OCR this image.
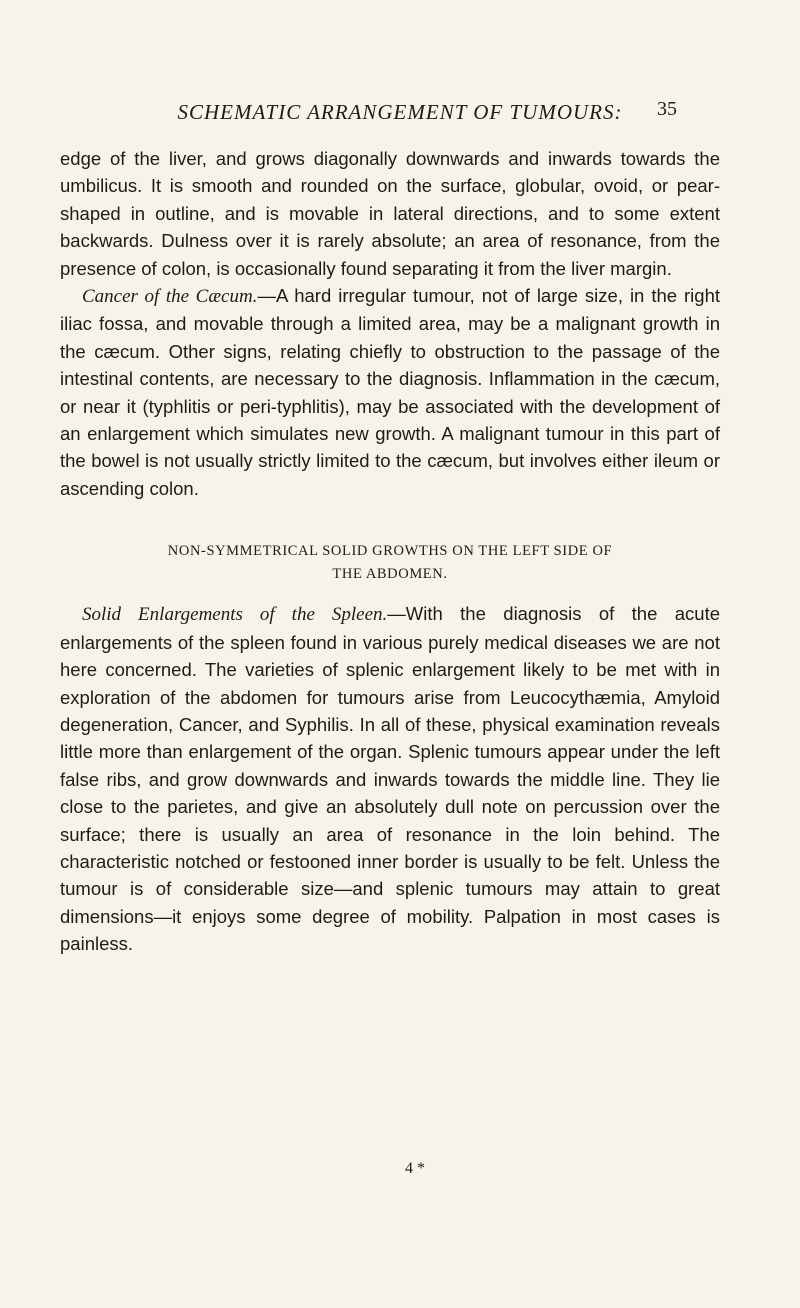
SCHEMATIC ARRANGEMENT OF TUMOURS:	35

edge of the liver, and grows diagonally downwards and inwards towards the umbilicus. It is smooth and rounded on the surface, globular, ovoid, or pear-shaped in outline, and is movable in lateral directions, and to some extent backwards. Dulness over it is rarely absolute; an area of resonance, from the presence of colon, is occasionally found separating it from the liver margin.

Cancer of the Cæcum.—A hard irregular tumour, not of large size, in the right iliac fossa, and movable through a limited area, may be a malignant growth in the cæcum. Other signs, relating chiefly to obstruction to the passage of the intestinal contents, are necessary to the diagnosis. Inflammation in the cæcum, or near it (typhlitis or peri-typhlitis), may be associated with the development of an enlargement which simulates new growth. A malignant tumour in this part of the bowel is not usually strictly limited to the cæcum, but involves either ileum or ascending colon.

NON-SYMMETRICAL SOLID GROWTHS ON THE LEFT SIDE OF
THE ABDOMEN.

Solid Enlargements of the Spleen.—With the diagnosis of the acute enlargements of the spleen found in various purely medical diseases we are not here concerned. The varieties of splenic enlargement likely to be met with in exploration of the abdomen for tumours arise from Leucocythæmia, Amyloid degeneration, Cancer, and Syphilis. In all of these, physical examination reveals little more than enlargement of the organ. Splenic tumours appear under the left false ribs, and grow downwards and inwards towards the middle line. They lie close to the parietes, and give an absolutely dull note on percussion over the surface; there is usually an area of resonance in the loin behind. The characteristic notched or festooned inner border is usually to be felt. Unless the tumour is of considerable size—and splenic tumours may attain to great dimensions—it enjoys some degree of mobility. Palpation in most cases is painless.

4 *
